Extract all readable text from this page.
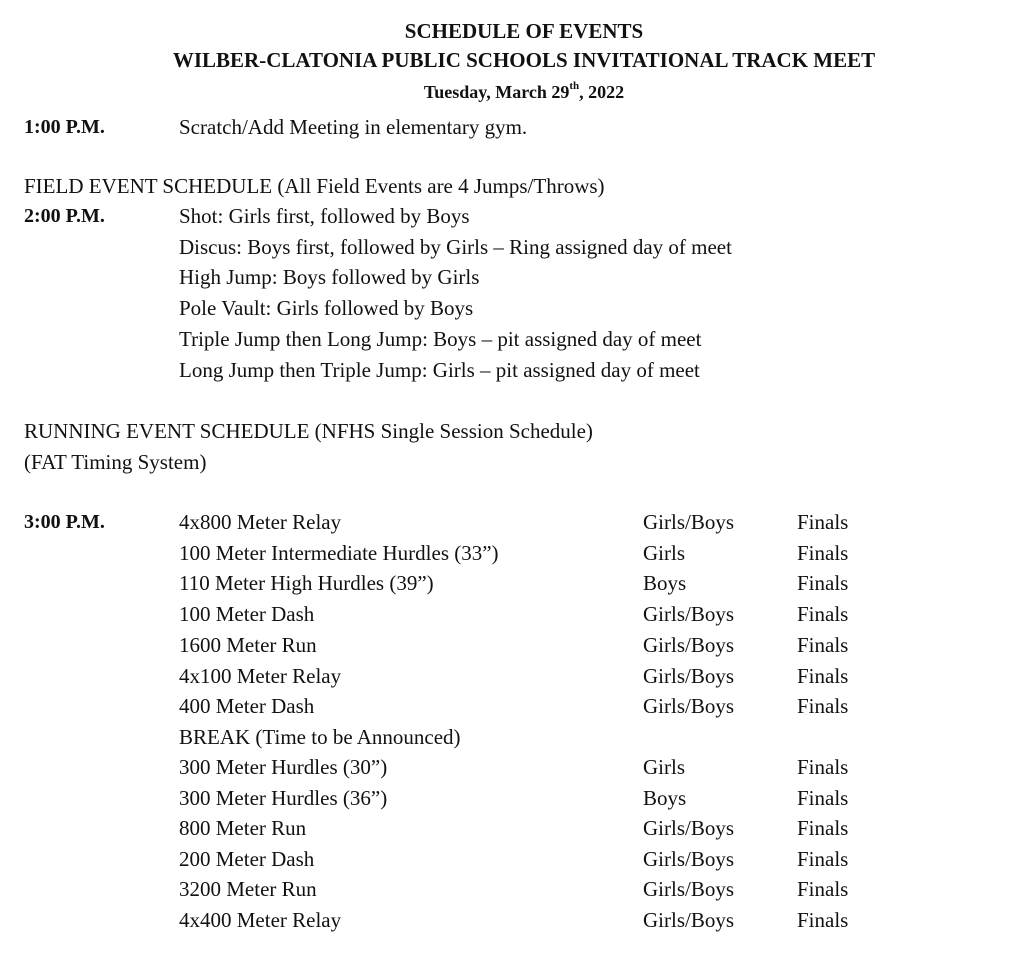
SCHEDULE OF EVENTS
WILBER-CLATONIA PUBLIC SCHOOLS INVITATIONAL TRACK MEET
Tuesday, March 29th, 2022
1:00 P.M.	Scratch/Add Meeting in elementary gym.
FIELD EVENT SCHEDULE (All Field Events are 4 Jumps/Throws)
2:00 P.M.	Shot: Girls first, followed by Boys
Discus: Boys first, followed by Girls – Ring assigned day of meet
High Jump: Boys followed by Girls
Pole Vault: Girls followed by Boys
Triple Jump then Long Jump: Boys – pit assigned day of meet
Long Jump then Triple Jump: Girls – pit assigned day of meet
RUNNING EVENT SCHEDULE (NFHS Single Session Schedule)
(FAT Timing System)
3:00 P.M.	4x800 Meter Relay	Girls/Boys	Finals
100 Meter Intermediate Hurdles (33”)	Girls	Finals
110 Meter High Hurdles (39”)	Boys	Finals
100 Meter Dash	Girls/Boys	Finals
1600 Meter Run	Girls/Boys	Finals
4x100 Meter Relay	Girls/Boys	Finals
400 Meter Dash	Girls/Boys	Finals
BREAK (Time to be Announced)
300 Meter Hurdles (30”)	Girls	Finals
300 Meter Hurdles (36”)	Boys	Finals
800 Meter Run	Girls/Boys	Finals
200 Meter Dash	Girls/Boys	Finals
3200 Meter Run	Girls/Boys	Finals
4x400 Meter Relay	Girls/Boys	Finals
